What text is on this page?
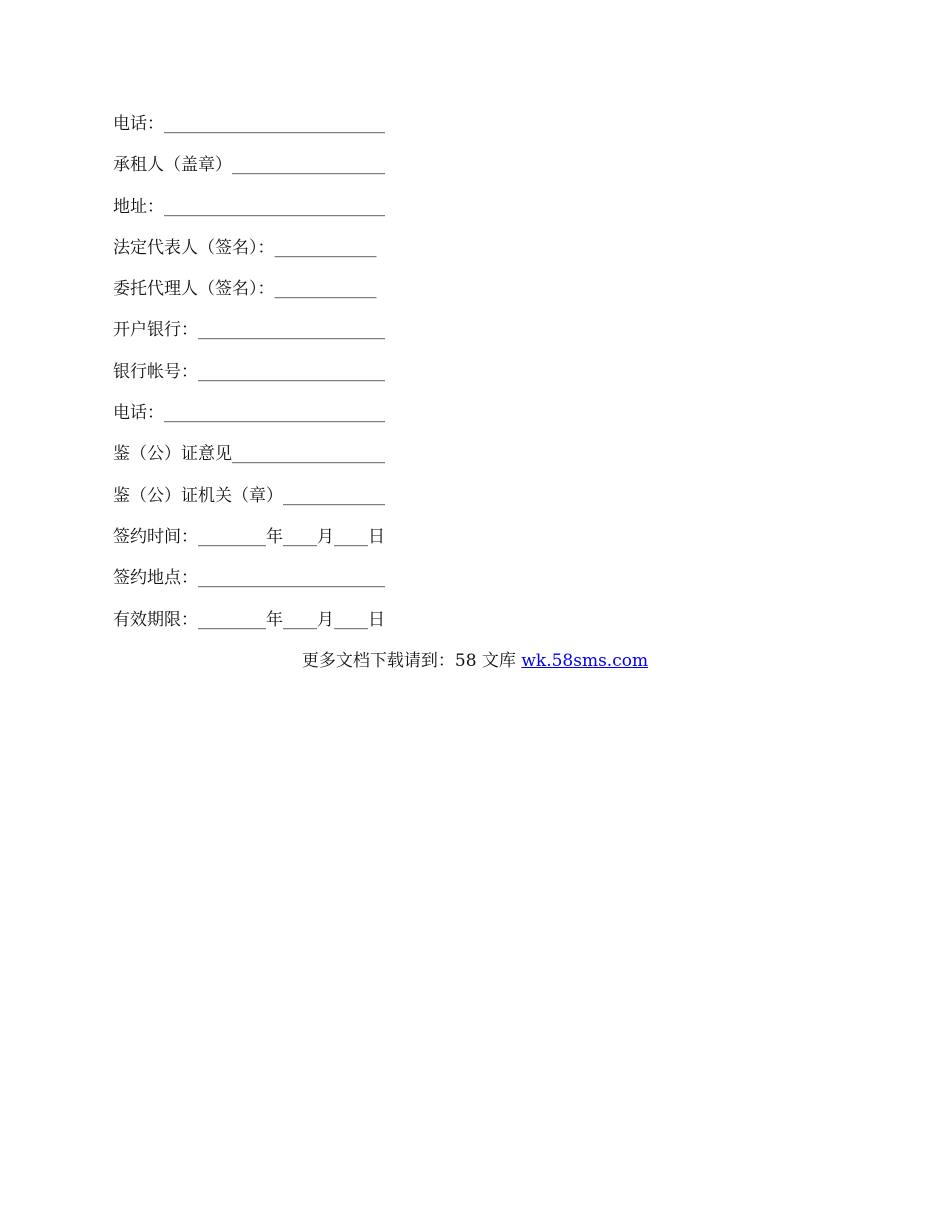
电话：__________________________
承租人（盖章）__________________
地址：__________________________
法定代表人（签名）：____________
委托代理人（签名）：____________
开户银行：______________________
银行帐号：______________________
电话：__________________________
鉴（公）证意见__________________
鉴（公）证机关（章）____________
签约时间：________年____月____日
签约地点：______________________
有效期限：________年____月____日
更多文档下载请到：58 文库 wk.58sms.com
